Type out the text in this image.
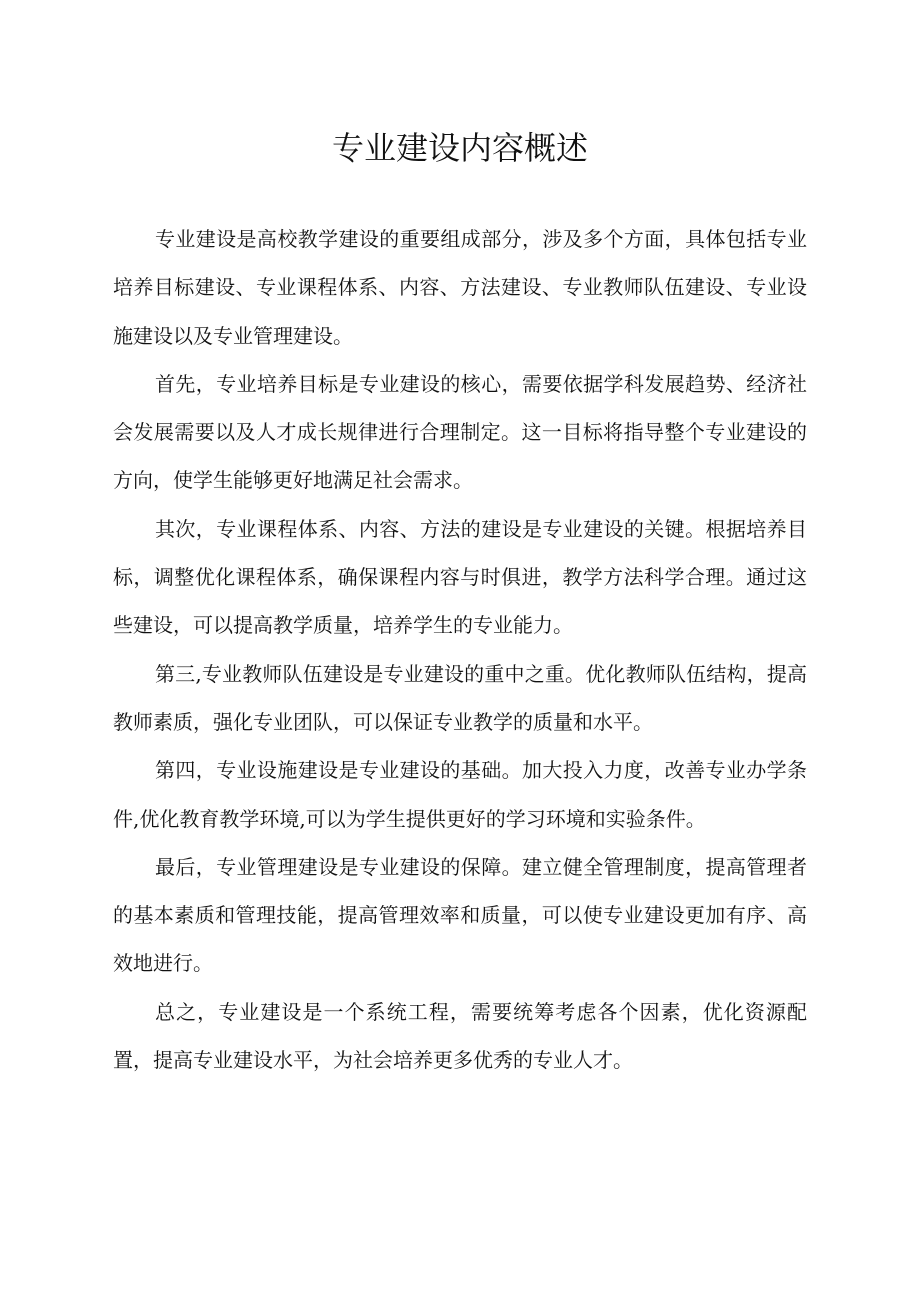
专业建设内容概述

专业建设是高校教学建设的重要组成部分，涉及多个方面，具体包括专业培养目标建设、专业课程体系、内容、方法建设、专业教师队伍建设、专业设施建设以及专业管理建设。

首先，专业培养目标是专业建设的核心，需要依据学科发展趋势、经济社会发展需要以及人才成长规律进行合理制定。这一目标将指导整个专业建设的方向，使学生能够更好地满足社会需求。

其次，专业课程体系、内容、方法的建设是专业建设的关键。根据培养目标，调整优化课程体系，确保课程内容与时俱进，教学方法科学合理。通过这些建设，可以提高教学质量，培养学生的专业能力。

第三,专业教师队伍建设是专业建设的重中之重。优化教师队伍结构，提高教师素质，强化专业团队，可以保证专业教学的质量和水平。

第四，专业设施建设是专业建设的基础。加大投入力度，改善专业办学条件,优化教育教学环境,可以为学生提供更好的学习环境和实验条件。

最后，专业管理建设是专业建设的保障。建立健全管理制度，提高管理者的基本素质和管理技能，提高管理效率和质量，可以使专业建设更加有序、高效地进行。

总之，专业建设是一个系统工程，需要统筹考虑各个因素，优化资源配置，提高专业建设水平，为社会培养更多优秀的专业人才。
